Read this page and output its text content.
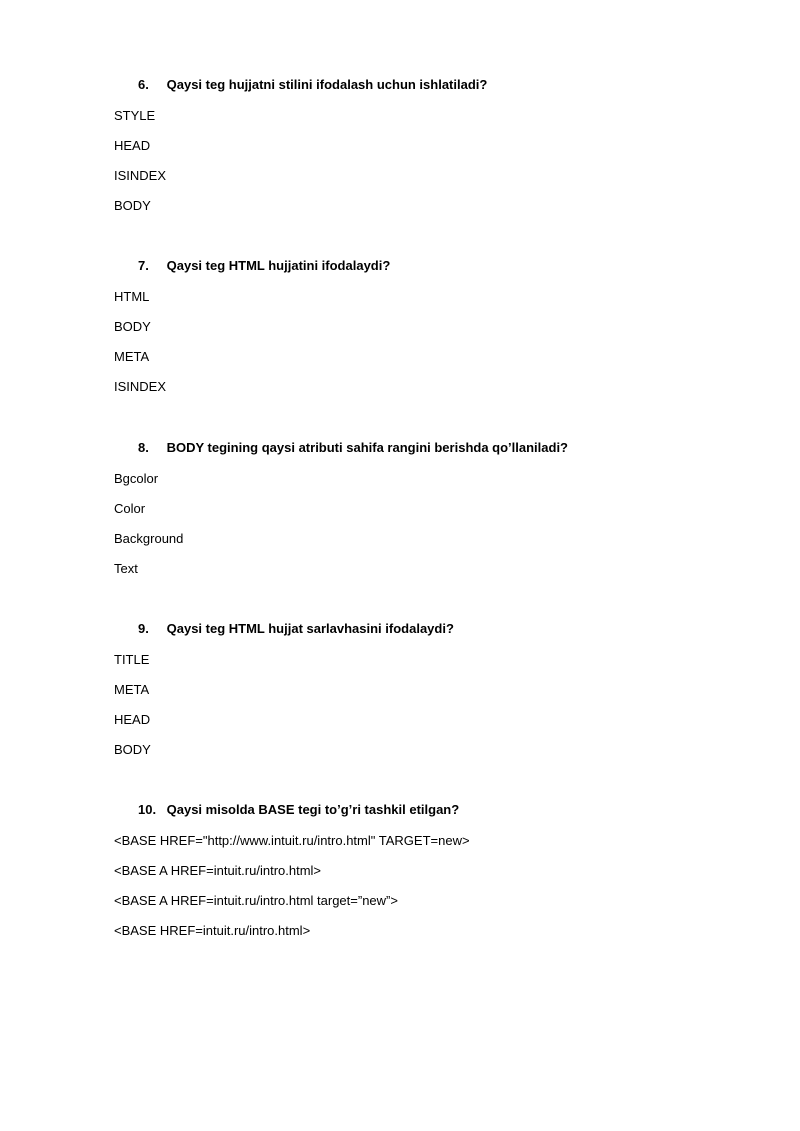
6. Qaysi teg hujjatni stilini ifodalash uchun ishlatiladi?
STYLE
HEAD
ISINDEX
BODY
7. Qaysi teg HTML hujjatini ifodalaydi?
HTML
BODY
META
ISINDEX
8. BODY tegining qaysi atributi sahifa rangini berishda qo’llaniladi?
Bgcolor
Color
Background
Text
9. Qaysi teg HTML hujjat sarlavhasini ifodalaydi?
TITLE
META
HEAD
BODY
10. Qaysi misolda BASE tegi to’g’ri tashkil etilgan?
<BASE HREF="http://www.intuit.ru/intro.html" TARGET=new>
<BASE A HREF=intuit.ru/intro.html>
<BASE A HREF=intuit.ru/intro.html target=”new”>
<BASE HREF=intuit.ru/intro.html>
